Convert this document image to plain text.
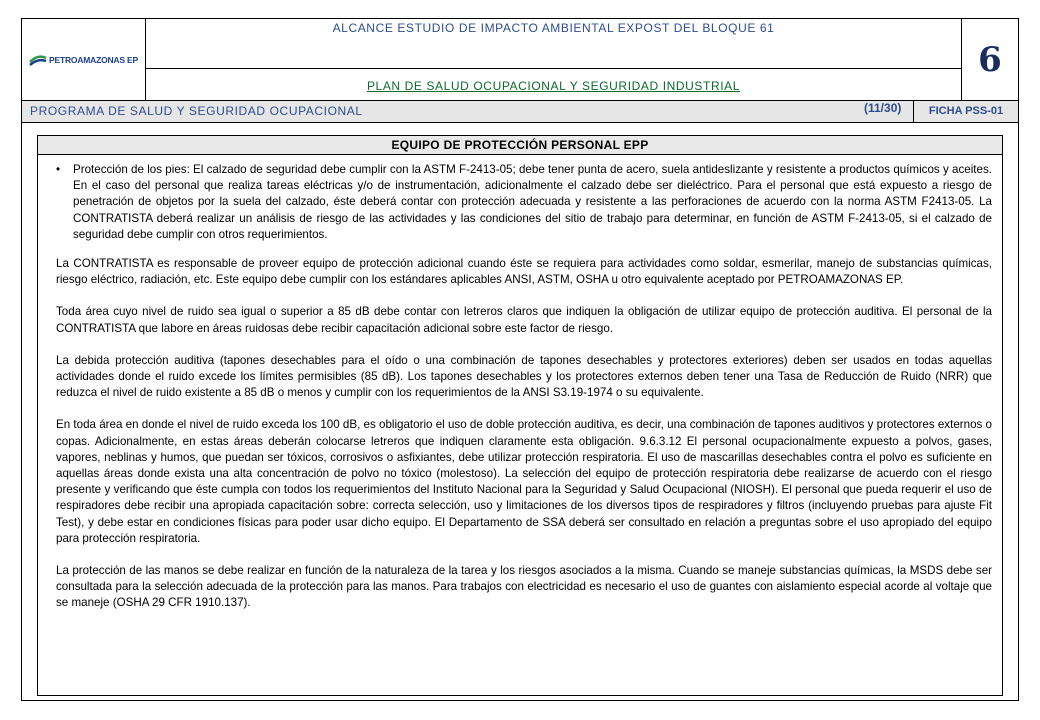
PETROAMAZONAS EP
ALCANCE ESTUDIO DE IMPACTO AMBIENTAL EXPOST DEL BLOQUE 61
PLAN DE SALUD OCUPACIONAL Y SEGURIDAD INDUSTRIAL
6
PROGRAMA DE SALUD Y SEGURIDAD OCUPACIONAL	(11/30)	FICHA PSS-01
EQUIPO DE PROTECCIÓN PERSONAL EPP
•	Protección de los pies: El calzado de seguridad debe cumplir con la ASTM F-2413-05; debe tener punta de acero, suela antideslizante y resistente a productos químicos y aceites. En el caso del personal que realiza tareas eléctricas y/o de instrumentación, adicionalmente el calzado debe ser dieléctrico. Para el personal que está expuesto a riesgo de penetración de objetos por la suela del calzado, éste deberá contar con protección adecuada y resistente a las perforaciones de acuerdo con la norma ASTM F2413-05. La CONTRATISTA deberá realizar un análisis de riesgo de las actividades y las condiciones del sitio de trabajo para determinar, en función de ASTM F-2413-05, si el calzado de seguridad debe cumplir con otros requerimientos.

La CONTRATISTA es responsable de proveer equipo de protección adicional cuando éste se requiera para actividades como soldar, esmerilar, manejo de substancias químicas, riesgo eléctrico, radiación, etc. Este equipo debe cumplir con los estándares aplicables ANSI, ASTM, OSHA u otro equivalente aceptado por PETROAMAZONAS EP.

Toda área cuyo nivel de ruido sea igual o superior a 85 dB debe contar con letreros claros que indiquen la obligación de utilizar equipo de protección auditiva. El personal de la CONTRATISTA que labore en áreas ruidosas debe recibir capacitación adicional sobre este factor de riesgo.

La debida protección auditiva (tapones desechables para el oído o una combinación de tapones desechables y protectores exteriores) deben ser usados en todas aquellas actividades donde el ruido excede los límites permisibles (85 dB). Los tapones desechables y los protectores externos deben tener una Tasa de Reducción de Ruido (NRR) que reduzca el nivel de ruido existente a 85 dB o menos y cumplir con los requerimientos de la ANSI S3.19-1974 o su equivalente.

En toda área en donde el nivel de ruido exceda los 100 dB, es obligatorio el uso de doble protección auditiva, es decir, una combinación de tapones auditivos y protectores externos o copas. Adicionalmente, en estas áreas deberán colocarse letreros que indiquen claramente esta obligación. 9.6.3.12 El personal ocupacionalmente expuesto a polvos, gases, vapores, neblinas y humos, que puedan ser tóxicos, corrosivos o asfixiantes, debe utilizar protección respiratoria. El uso de mascarillas desechables contra el polvo es suficiente en aquellas áreas donde exista una alta concentración de polvo no tóxico (molestoso). La selección del equipo de protección respiratoria debe realizarse de acuerdo con el riesgo presente y verificando que éste cumpla con todos los requerimientos del Instituto Nacional para la Seguridad y Salud Ocupacional (NIOSH). El personal que pueda requerir el uso de respiradores debe recibir una apropiada capacitación sobre: correcta selección, uso y limitaciones de los diversos tipos de respiradores y filtros (incluyendo pruebas para ajuste Fit Test), y debe estar en condiciones físicas para poder usar dicho equipo. El Departamento de SSA deberá ser consultado en relación a preguntas sobre el uso apropiado del equipo para protección respiratoria.

La protección de las manos se debe realizar en función de la naturaleza de la tarea y los riesgos asociados a la misma. Cuando se maneje substancias químicas, la MSDS debe ser consultada para la selección adecuada de la protección para las manos. Para trabajos con electricidad es necesario el uso de guantes con aislamiento especial acorde al voltaje que se maneje (OSHA 29 CFR 1910.137).
